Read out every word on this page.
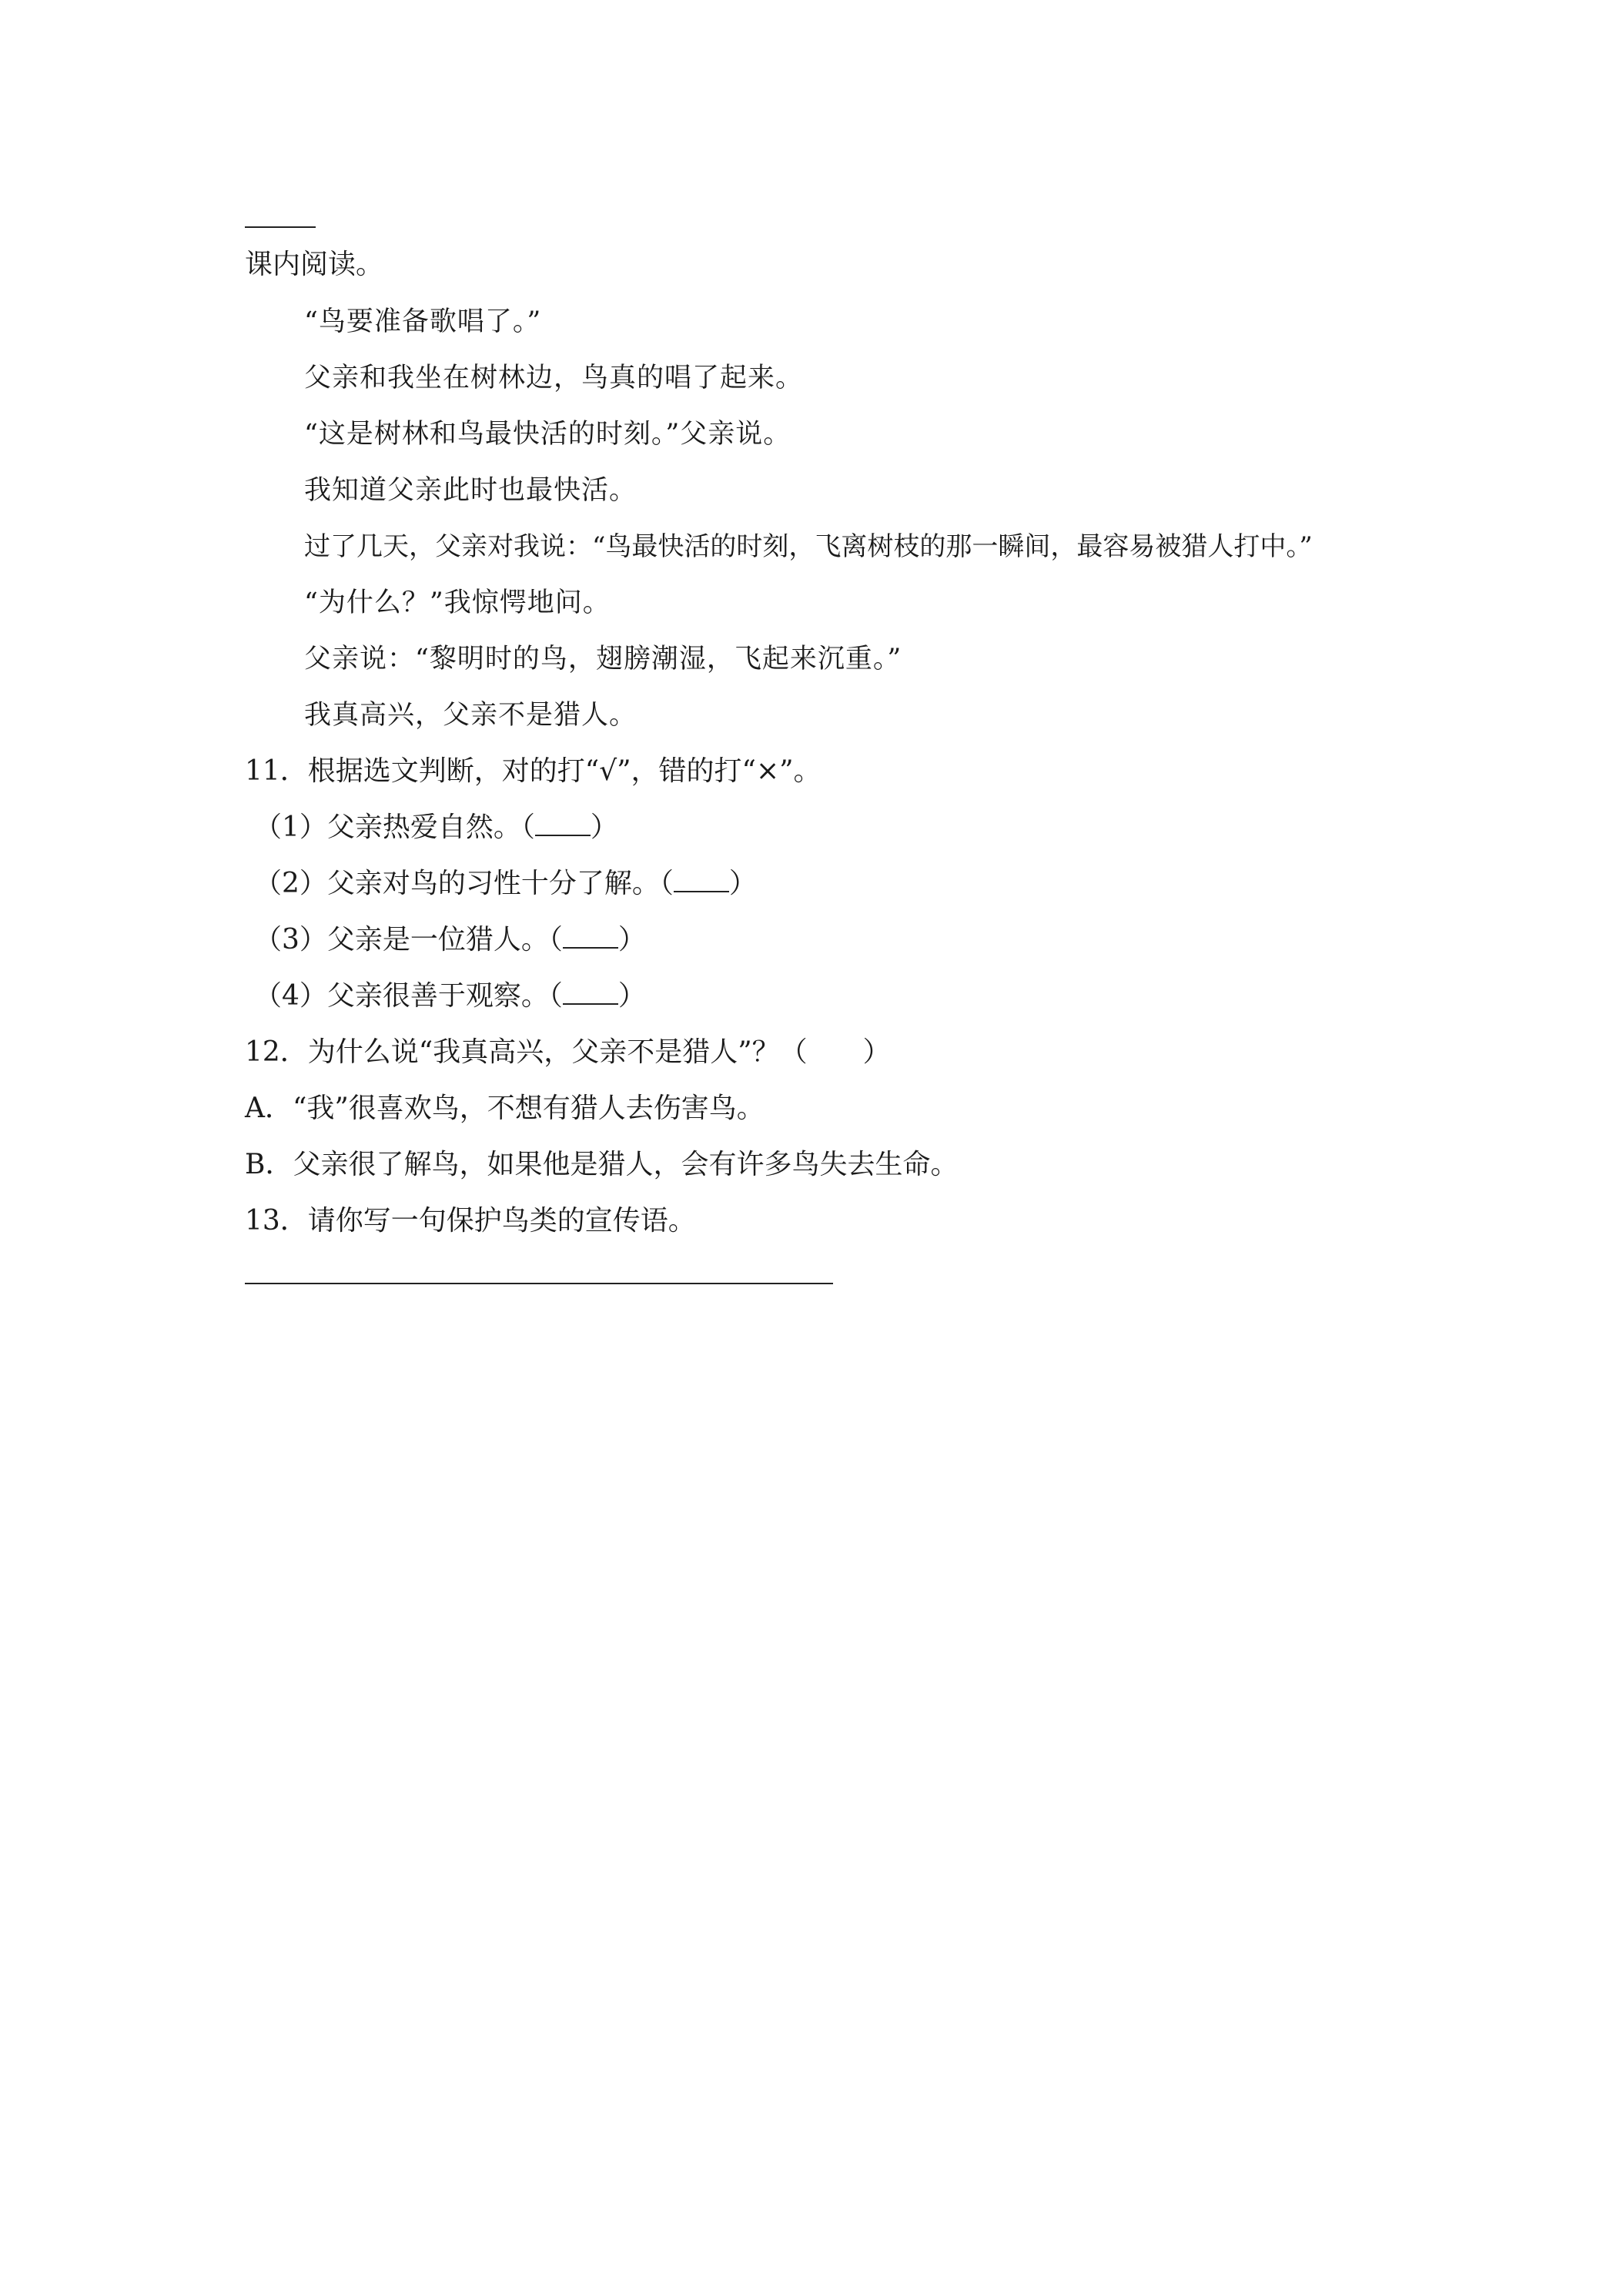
课内阅读。
“鸟要准备歌唱了。”
父亲和我坐在树林边，鸟真的唱了起来。
“这是树林和鸟最快活的时刻。”父亲说。
我知道父亲此时也最快活。
过了几天，父亲对我说：“鸟最快活的时刻，飞离树枝的那一瞬间，最容易被猎人打中。”
“为什么？”我惊愕地问。
父亲说：“黎明时的鸟，翅膀潮湿，飞起来沉重。”
我真高兴，父亲不是猎人。
11．根据选文判断，对的打“√”，错的打“×”。
（1）父亲热爱自然。（ ）
（2）父亲对鸟的习性十分了解。（ ）
（3）父亲是一位猎人。（ ）
（4）父亲很善于观察。（ ）
12．为什么说“我真高兴，父亲不是猎人”？（　　）
A．“我”很喜欢鸟，不想有猎人去伤害鸟。
B．父亲很了解鸟，如果他是猎人，会有许多鸟失去生命。
13．请你写一句保护鸟类的宣传语。
